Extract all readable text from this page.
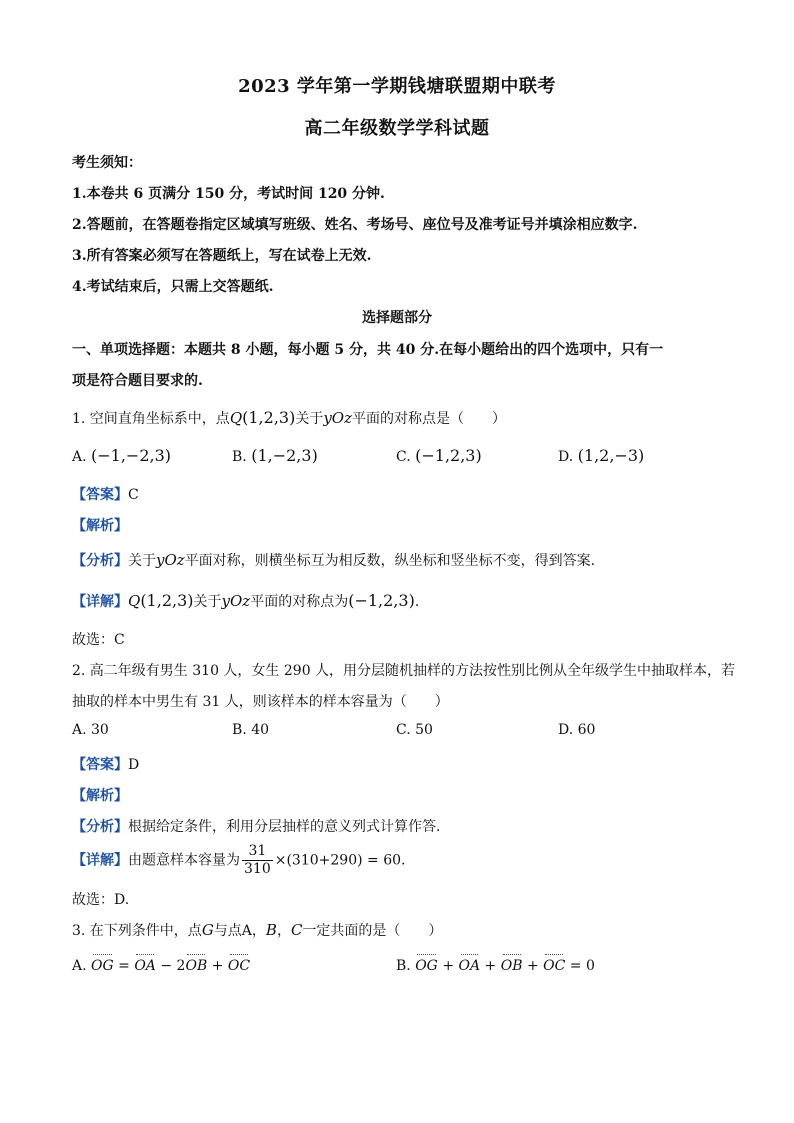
2023 学年第一学期钱塘联盟期中联考
高二年级数学学科试题
考生须知：
1.本卷共 6 页满分 150 分，考试时间 120 分钟.
2.答题前，在答题卷指定区域填写班级、姓名、考场号、座位号及准考证号并填涂相应数字.
3.所有答案必须写在答题纸上，写在试卷上无效.
4.考试结束后，只需上交答题纸.
选择题部分
一、单项选择题：本题共 8 小题，每小题 5 分，共 40 分.在每小题给出的四个选项中，只有一
项是符合题目要求的.
1. 空间直角坐标系中，点Q(1,2,3)关于yOz平面的对称点是（　　）
A. (−1,−2,3)	B. (1,−2,3)	C. (−1,2,3)	D. (1,2,−3)
【答案】C
【解析】
【分析】关于yOz平面对称，则横坐标互为相反数，纵坐标和竖坐标不变，得到答案.
【详解】Q(1,2,3)关于yOz平面的对称点为(−1,2,3).
故选：C
2. 高二年级有男生 310 人，女生 290 人，用分层随机抽样的方法按性别比例从全年级学生中抽取样本，若
抽取的样本中男生有 31 人，则该样本的样本容量为（　　）
A. 30	B. 40	C. 50	D. 60
【答案】D
【解析】
【分析】根据给定条件，利用分层抽样的意义列式计算作答.
【详解】由题意样本容量为 $\frac{31}{310} \times(310+290) = 60$.
故选：D.
3. 在下列条件中，点G与点A，B，C一定共面的是（　　）
A. OG = OA − 2OB + OC	B. OG + OA + OB + OC = 0
